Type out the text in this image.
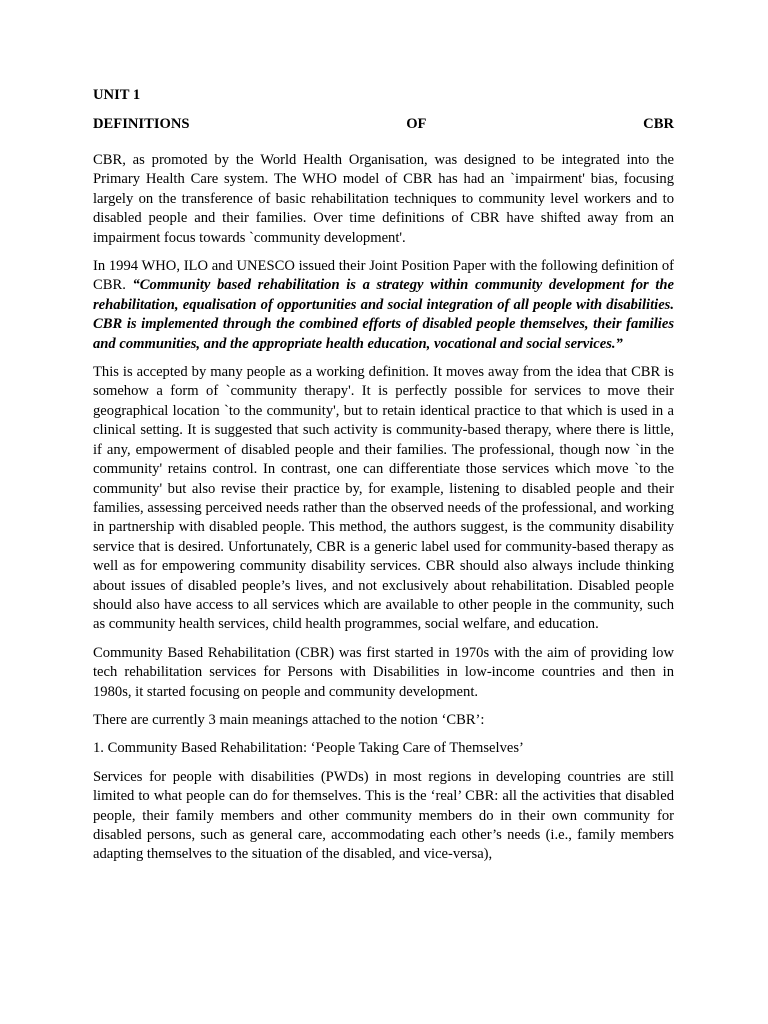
UNIT 1
DEFINITIONS	OF	CBR

CBR, as promoted by the World Health Organisation, was designed to be integrated into the Primary Health Care system. The WHO model of CBR has had an `impairment' bias, focusing largely on the transference of basic rehabilitation techniques to community level workers and to disabled people and their families. Over time definitions of CBR have shifted away from an impairment focus towards `community development'.

In 1994 WHO, ILO and UNESCO issued their Joint Position Paper with the following definition of CBR. “Community based rehabilitation is a strategy within community development for the rehabilitation, equalisation of opportunities and social integration of all people with disabilities. CBR is implemented through the combined efforts of disabled people themselves, their families and communities, and the appropriate health education, vocational and social services.”

This is accepted by many people as a working definition. It moves away from the idea that CBR is somehow a form of `community therapy'. It is perfectly possible for services to move their geographical location `to the community', but to retain identical practice to that which is used in a clinical setting. It is suggested that such activity is community-based therapy, where there is little, if any, empowerment of disabled people and their families. The professional, though now `in the community' retains control. In contrast, one can differentiate those services which move `to the community' but also revise their practice by, for example, listening to disabled people and their families, assessing perceived needs rather than the observed needs of the professional, and working in partnership with disabled people. This method, the authors suggest, is the community disability service that is desired. Unfortunately, CBR is a generic label used for community-based therapy as well as for empowering community disability services. CBR should also always include thinking about issues of disabled people’s lives, and not exclusively about rehabilitation. Disabled people should also have access to all services which are available to other people in the community, such as community health services, child health programmes, social welfare, and education.

Community Based Rehabilitation (CBR) was first started in 1970s with the aim of providing low tech rehabilitation services for Persons with Disabilities in low-income countries and then in 1980s, it started focusing on people and community development.

There are currently 3 main meanings attached to the notion ‘CBR’:

1. Community Based Rehabilitation: ‘People Taking Care of Themselves’

Services for people with disabilities (PWDs) in most regions in developing countries are still limited to what people can do for themselves. This is the ‘real’ CBR: all the activities that disabled people, their family members and other community members do in their own community for disabled persons, such as general care, accommodating each other’s needs (i.e., family members adapting themselves to the situation of the disabled, and vice-versa),
